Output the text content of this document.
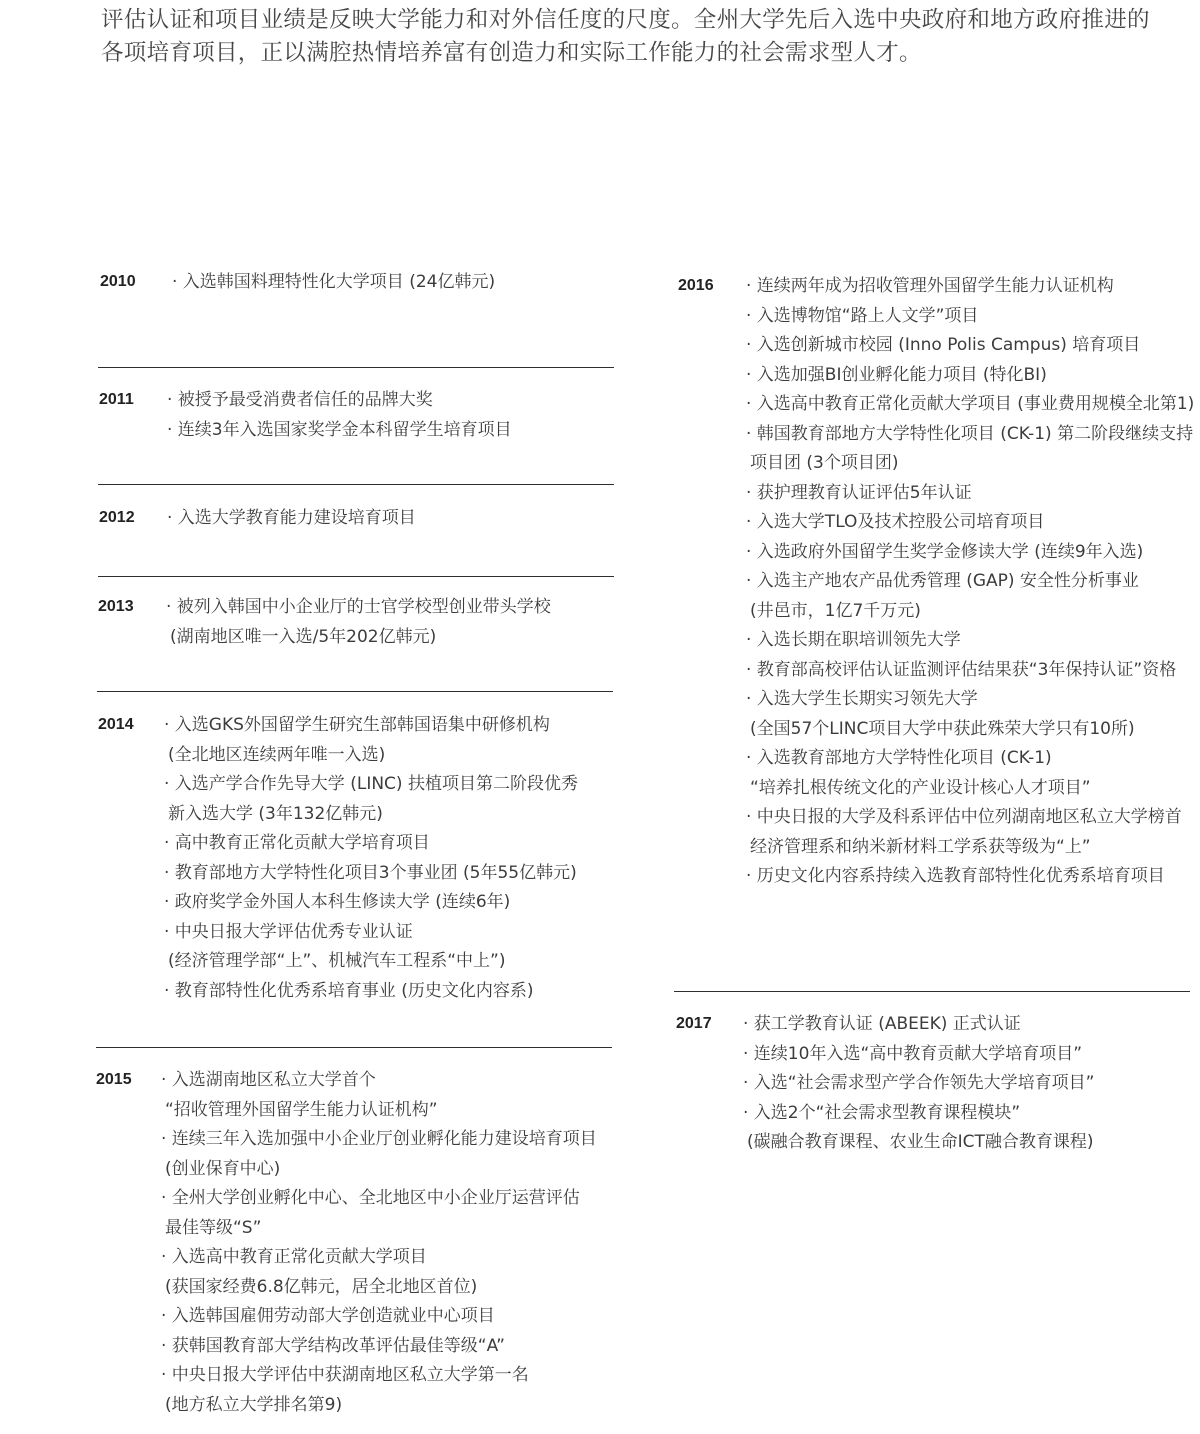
评估认证和项目业绩是反映大学能力和对外信任度的尺度。全州大学先后入选中央政府和地方政府推进的

各项培育项目，正以满腔热情培养富有创造力和实际工作能力的社会需求型人才。

2010 · 入选韩国料理特性化大学项目 (24亿韩元)
2011 · 被授予最受消费者信任的品牌大奖
· 连续3年入选国家奖学金本科留学生培育项目
2012 · 入选大学教育能力建设培育项目
2013 · 被列入韩国中小企业厅的士官学校型创业带头学校
(湖南地区唯一入选/5年202亿韩元)
2014 · 入选GKS外国留学生研究生部韩国语集中研修机构
(全北地区连续两年唯一入选)
· 入选产学合作先导大学 (LINC) 扶植项目第二阶段优秀
新入选大学 (3年132亿韩元)
· 高中教育正常化贡献大学培育项目
· 教育部地方大学特性化项目3个事业团 (5年55亿韩元)
· 政府奖学金外国人本科生修读大学 (连续6年)
· 中央日报大学评估优秀专业认证
(经济管理学部“上”、机械汽车工程系“中上”)
· 教育部特性化优秀系培育事业 (历史文化内容系)
2015 · 入选湖南地区私立大学首个
“招收管理外国留学生能力认证机构”
· 连续三年入选加强中小企业厅创业孵化能力建设培育项目
(创业保育中心)
· 全州大学创业孵化中心、全北地区中小企业厅运营评估
最佳等级“S”
· 入选高中教育正常化贡献大学项目
(获国家经费6.8亿韩元，居全北地区首位)
· 入选韩国雇佣劳动部大学创造就业中心项目
· 获韩国教育部大学结构改革评估最佳等级“A”
· 中央日报大学评估中获湖南地区私立大学第一名
(地方私立大学排名第9)
2016 · 连续两年成为招收管理外国留学生能力认证机构
· 入选博物馆“路上人文学”项目
· 入选创新城市校园 (Inno Polis Campus) 培育项目
· 入选加强BI创业孵化能力项目 (特化BI)
· 入选高中教育正常化贡献大学项目 (事业费用规模全北第1)
· 韩国教育部地方大学特性化项目 (CK-1) 第二阶段继续支持
项目团 (3个项目团)
· 获护理教育认证评估5年认证
· 入选大学TLO及技术控股公司培育项目
· 入选政府外国留学生奖学金修读大学 (连续9年入选)
· 入选主产地农产品优秀管理 (GAP) 安全性分析事业
(井邑市，1亿7千万元)
· 入选长期在职培训领先大学
· 教育部高校评估认证监测评估结果获“3年保持认证”资格
· 入选大学生长期实习领先大学
(全国57个LINC项目大学中获此殊荣大学只有10所)
· 入选教育部地方大学特性化项目 (CK-1)
“培养扎根传统文化的产业设计核心人才项目”
· 中央日报的大学及科系评估中位列湖南地区私立大学榜首
经济管理系和纳米新材料工学系获等级为“上”
· 历史文化内容系持续入选教育部特性化优秀系培育项目
2017 · 获工学教育认证 (ABEEK) 正式认证
· 连续10年入选“高中教育贡献大学培育项目”
· 入选“社会需求型产学合作领先大学培育项目”
· 入选2个“社会需求型教育课程模块”
(碳融合教育课程、农业生命ICT融合教育课程)
